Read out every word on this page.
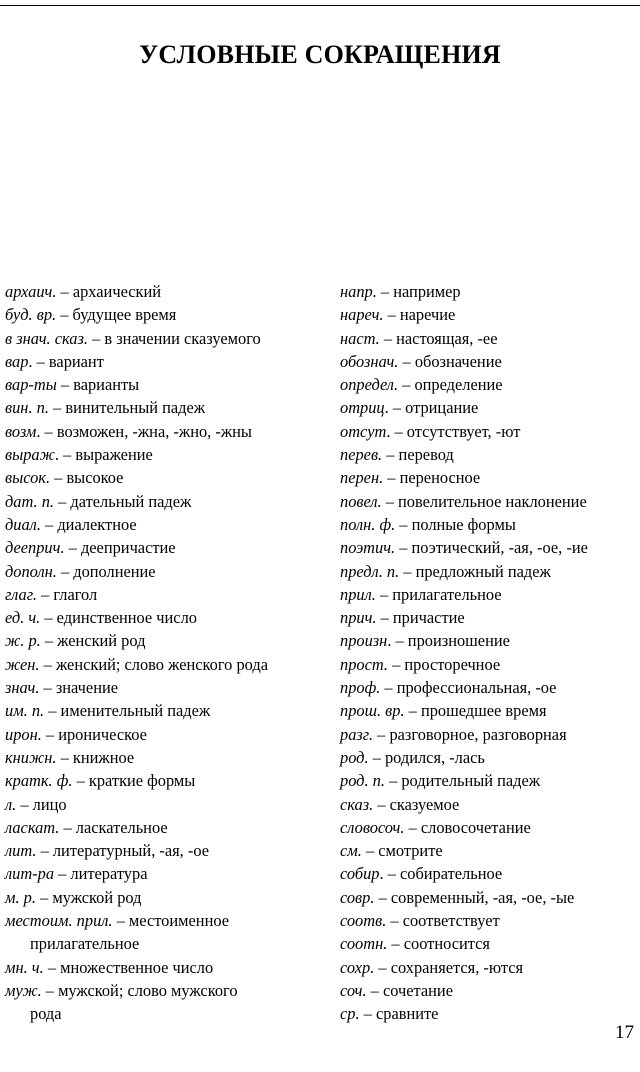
УСЛОВНЫЕ СОКРАЩЕНИЯ
архаич. – архаический
буд. вр. – будущее время
в знач. сказ. – в значении сказуемого
вар. – вариант
вар-ты – варианты
вин. п. – винительный падеж
возм. – возможен, -жна, -жно, -жны
выраж. – выражение
высок. – высокое
дат. п. – дательный падеж
диал. – диалектное
дееприч. – деепричастие
дополн. – дополнение
глаг. – глагол
ед. ч. – единственное число
ж. р. – женский род
жен. – женский; слово женского рода
знач. – значение
им. п. – именительный падеж
ирон. – ироническое
книжн. – книжное
кратк. ф. – краткие формы
л. – лицо
ласкат. – ласкательное
лит. – литературный, -ая, -ое
лит-ра – литература
м. р. – мужской род
местоим. прил. – местоименное
прилагательное
мн. ч. – множественное число
муж. – мужской; слово мужского
рода
напр. – например
нареч. – наречие
наст. – настоящая, -ее
обознач. – обозначение
определ. – определение
отриц. – отрицание
отсут. – отсутствует, -ют
перев. – перевод
перен. – переносное
повел. – повелительное наклонение
полн. ф. – полные формы
поэтич. – поэтический, -ая, -ое, -ие
предл. п. – предложный падеж
прил. – прилагательное
прич. – причастие
произн. – произношение
прост. – просторечное
проф. – профессиональная, -ое
прош. вр. – прошедшее время
разг. – разговорное, разговорная
род. – родился, -лась
род. п. – родительный падеж
сказ. – сказуемое
словосоч. – словосочетание
см. – смотрите
собир. – собирательное
совр. – современный, -ая, -ое, -ые
соотв. – соответствует
соотн. – соотносится
сохр. – сохраняется, -ются
соч. – сочетание
ср. – сравните
17
